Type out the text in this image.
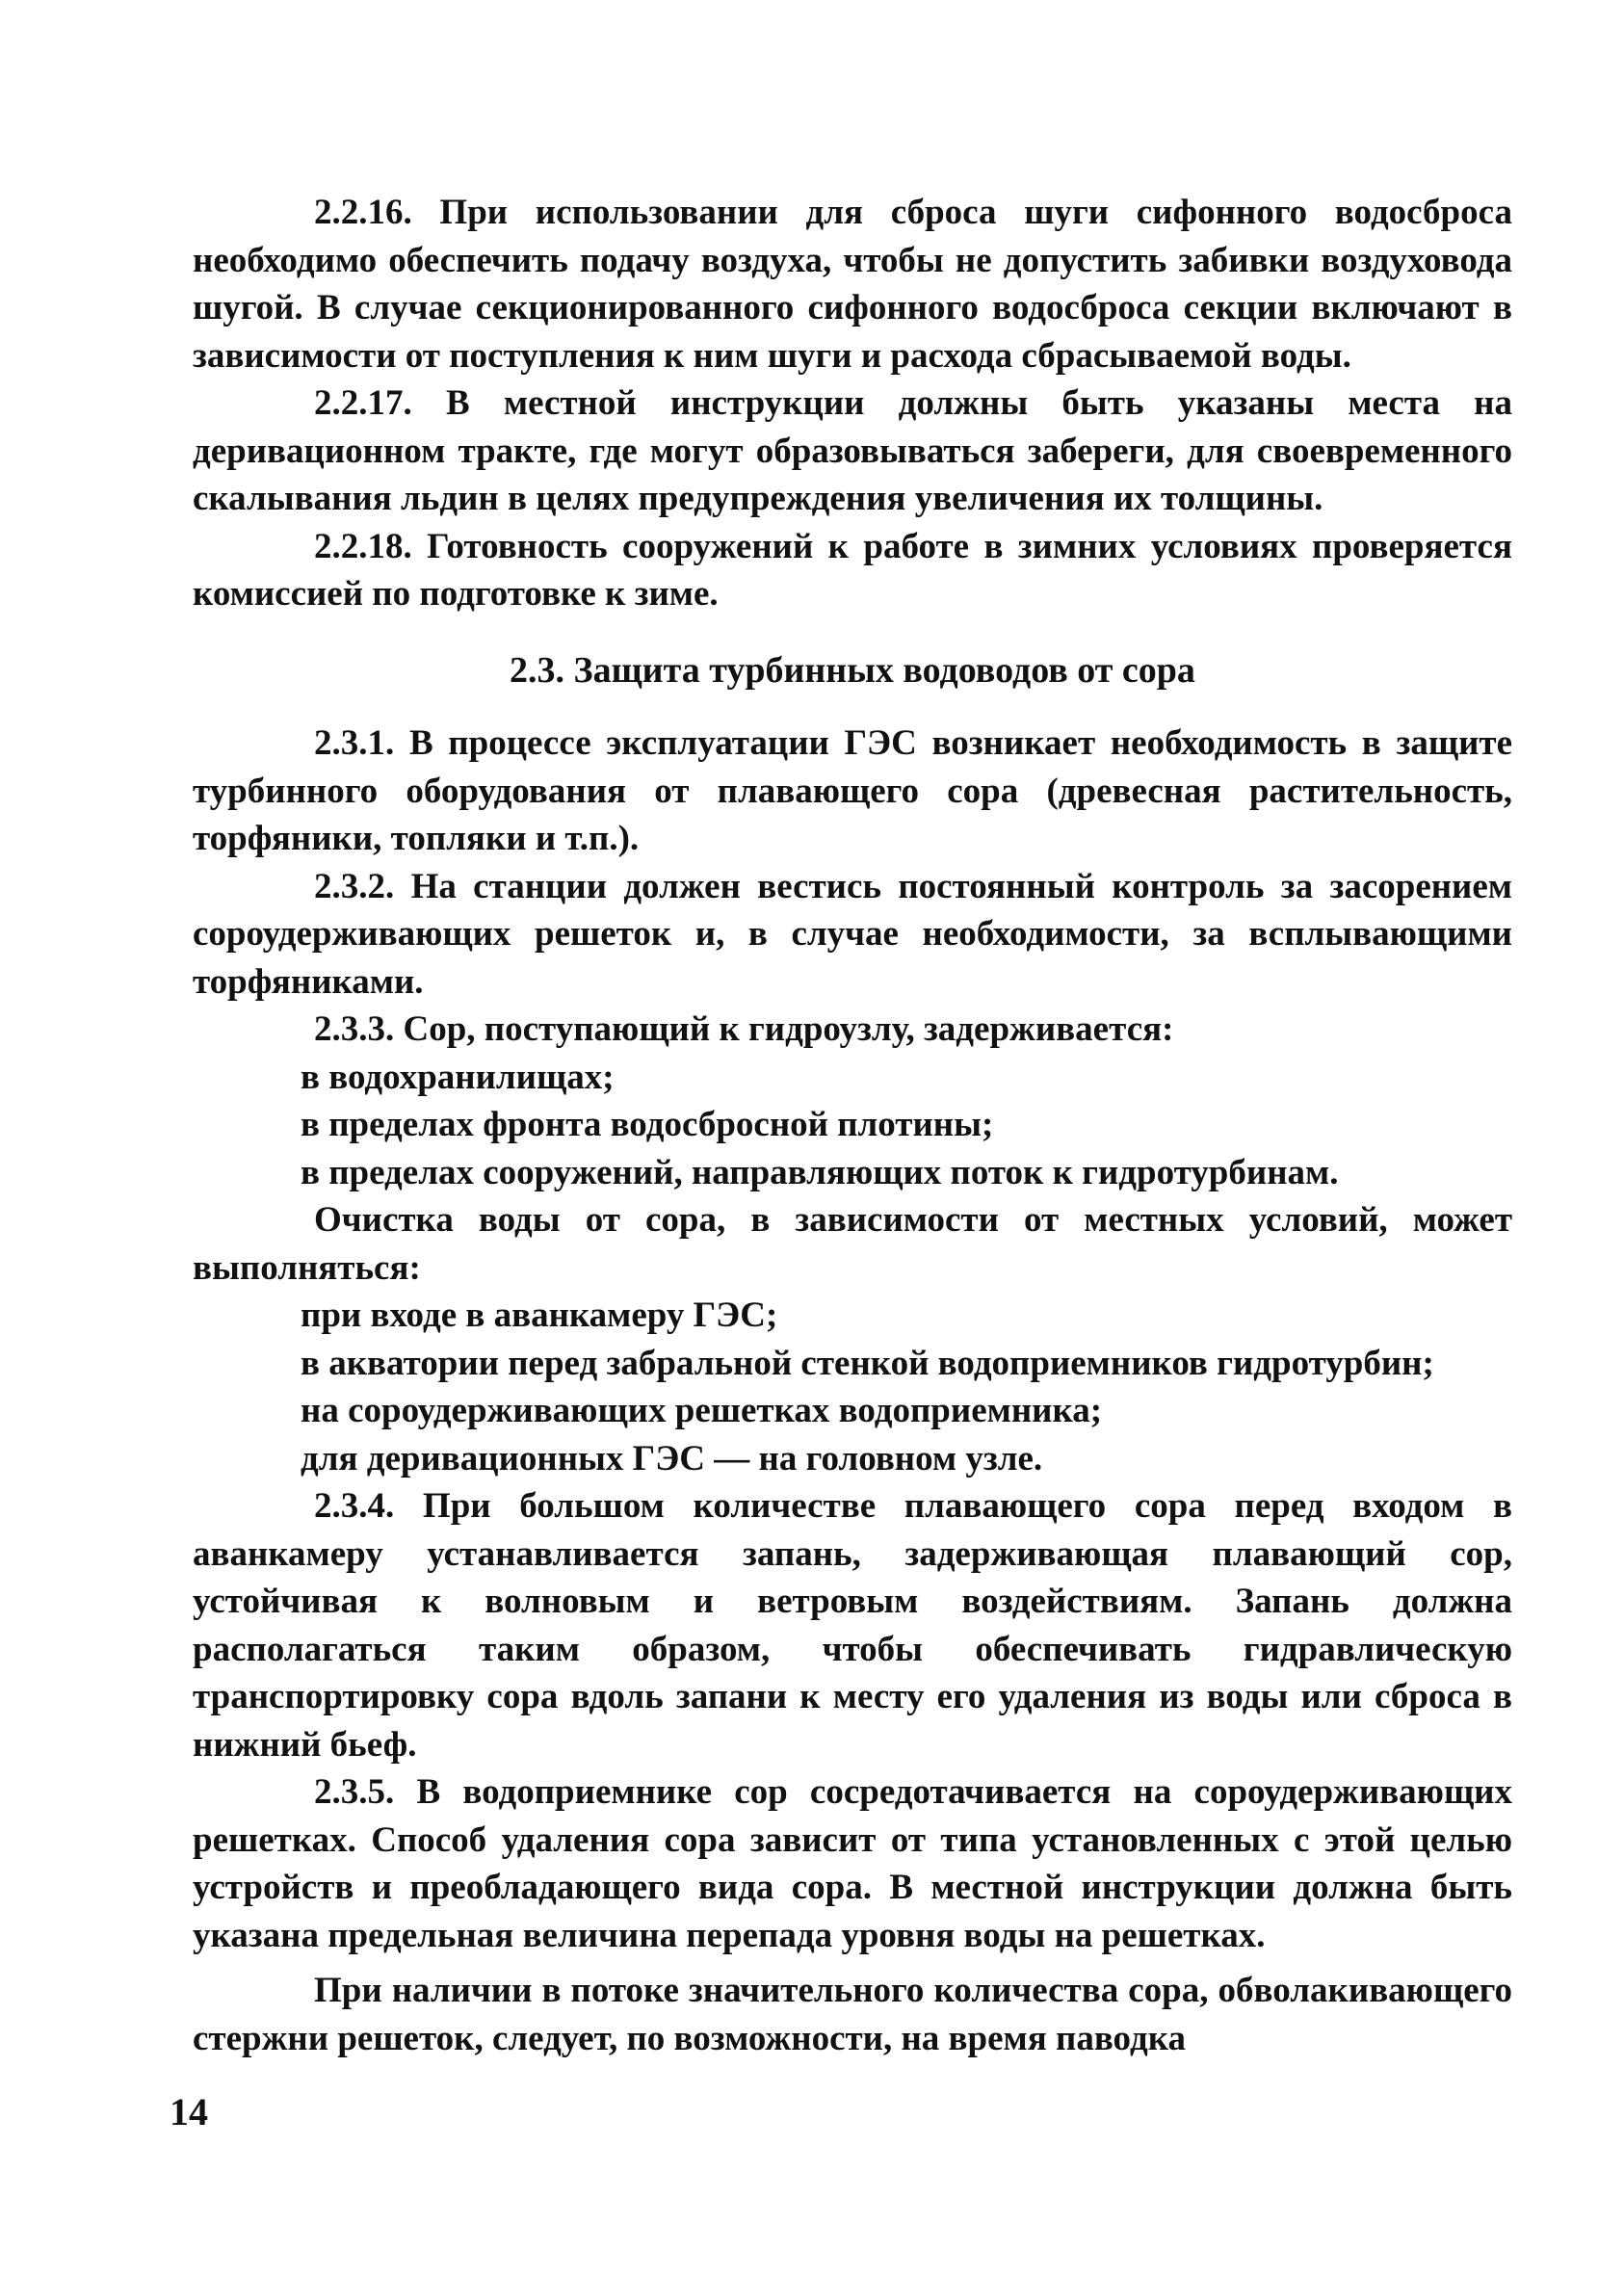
2.2.16. При использовании для сброса шуги сифонного водосброса необходимо обеспечить подачу воздуха, чтобы не допустить забивки воздуховода шугой. В случае секционированного сифонного водосброса секции включают в зависимости от поступления к ним шуги и расхода сбрасываемой воды.

2.2.17. В местной инструкции должны быть указаны места на деривационном тракте, где могут образовываться забереги, для своевременного скалывания льдин в целях предупреждения увеличения их толщины.

2.2.18. Готовность сооружений к работе в зимних условиях проверяется комиссией по подготовке к зиме.

2.3. Защита турбинных водоводов от сора

2.3.1. В процессе эксплуатации ГЭС возникает необходимость в защите турбинного оборудования от плавающего сора (древесная растительность, торфяники, топляки и т.п.).

2.3.2. На станции должен вестись постоянный контроль за засорением сороудерживающих решеток и, в случае необходимости, за всплывающими торфяниками.

2.3.3. Сор, поступающий к гидроузлу, задерживается:

в водохранилищах;

в пределах фронта водосбросной плотины;

в пределах сооружений, направляющих поток к гидротурбинам.

Очистка воды от сора, в зависимости от местных условий, может выполняться:

при входе в аванкамеру ГЭС;

в акватории перед забральной стенкой водоприемников гидротурбин;

на сороудерживающих решетках водоприемника;

для деривационных ГЭС — на головном узле.

2.3.4. При большом количестве плавающего сора перед входом в аванкамеру устанавливается запань, задерживающая плавающий сор, устойчивая к волновым и ветровым воздействиям. Запань должна располагаться таким образом, чтобы обеспечивать гидравлическую транспортировку сора вдоль запани к месту его удаления из воды или сброса в нижний бьеф.

2.3.5. В водоприемнике сор сосредотачивается на сороудерживающих решетках. Способ удаления сора зависит от типа установленных с этой целью устройств и преобладающего вида сора. В местной инструкции должна быть указана предельная величина перепада уровня воды на решетках.

При наличии в потоке значительного количества сора, обволакивающего стержни решеток, следует, по возможности, на время паводка

14
